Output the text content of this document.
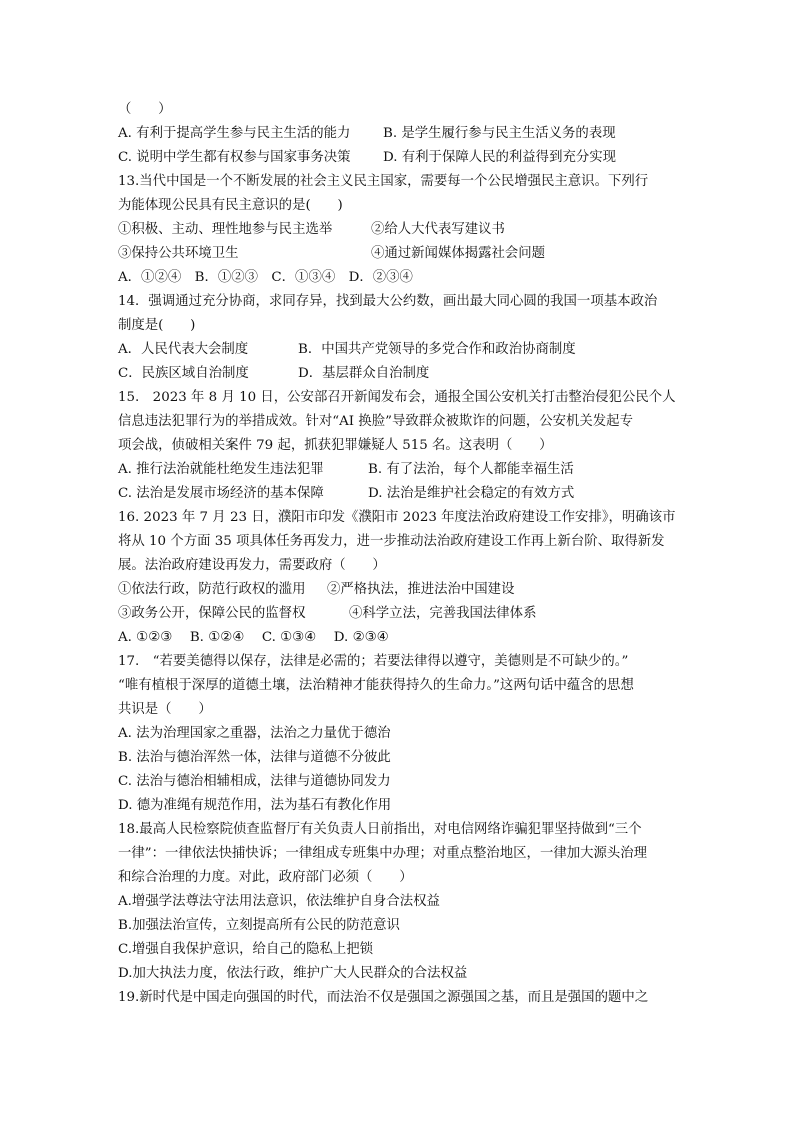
（　　）
A. 有利于提高学生参与民主生活的能力	B. 是学生履行参与民主生活义务的表现
C. 说明中学生都有权参与国家事务决策	D. 有利于保障人民的利益得到充分实现
13.当代中国是一个不断发展的社会主义民主国家，需要每一个公民增强民主意识。下列行
为能体现公民具有民主意识的是(　　)
①积极、主动、理性地参与民主选举	②给人大代表写建议书
③保持公共环境卫生	④通过新闻媒体揭露社会问题
A．①②④　B．①②③　C．①③④　D．②③④
14．强调通过充分协商，求同存异，找到最大公约数，画出最大同心圆的我国一项基本政治
制度是(　　)
A．人民代表大会制度	B．中国共产党领导的多党合作和政治协商制度
C．民族区域自治制度	D．基层群众自治制度
15.　2023 年 8 月 10 日，公安部召开新闻发布会，通报全国公安机关打击整治侵犯公民个人
信息违法犯罪行为的举措成效。针对“AI 换脸”导致群众被欺诈的问题，公安机关发起专
项会战，侦破相关案件 79 起，抓获犯罪嫌疑人 515 名。这表明（　　）
A. 推行法治就能杜绝发生违法犯罪	B. 有了法治，每个人都能幸福生活
C. 法治是发展市场经济的基本保障	D. 法治是维护社会稳定的有效方式
16. 2023 年 7 月 23 日，濮阳市印发《濮阳市 2023 年度法治政府建设工作安排》，明确该市
将从 10 个方面 35 项具体任务再发力，进一步推动法治政府建设工作再上新台阶、取得新发
展。法治政府建设再发力，需要政府（　　）
①依法行政，防范行政权的滥用	②严格执法，推进法治中国建设
③政务公开，保障公民的监督权	④科学立法，完善我国法律体系
A. ①②③　 B. ①②④　 C. ①③④　 D. ②③④
17.　“若要美德得以保存，法律是必需的；若要法律得以遵守，美德则是不可缺少的。”
“唯有植根于深厚的道德土壤，法治精神才能获得持久的生命力。”这两句话中蕴含的思想
共识是（　　）
A. 法为治理国家之重器，法治之力量优于德治
B. 法治与德治浑然一体，法律与道德不分彼此
C. 法治与德治相辅相成，法律与道德协同发力
D. 德为准绳有规范作用，法为基石有教化作用
18.最高人民检察院侦查监督厅有关负责人日前指出，对电信网络诈骗犯罪坚持做到“三个
一律”：一律依法快捕快诉；一律组成专班集中办理；对重点整治地区，一律加大源头治理
和综合治理的力度。对此，政府部门必须（　　）
A.增强学法尊法守法用法意识，依法维护自身合法权益
B.加强法治宣传，立刻提高所有公民的防范意识
C.增强自我保护意识，给自己的隐私上把锁
D.加大执法力度，依法行政，维护广大人民群众的合法权益
19.新时代是中国走向强国的时代，而法治不仅是强国之源强国之基，而且是强国的题中之
